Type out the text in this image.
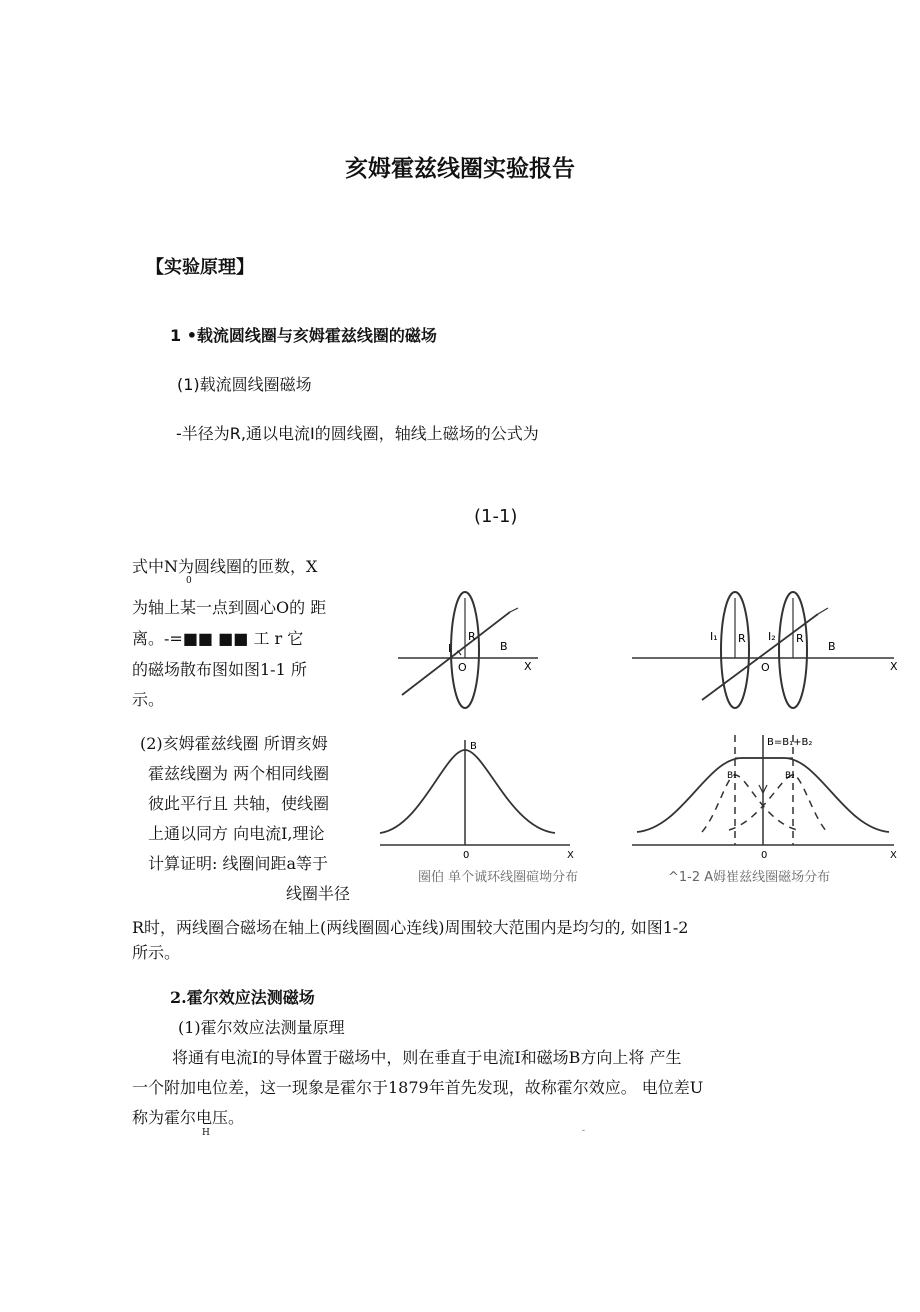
亥姆霍兹线圈实验报告
【实验原理】
1 •载流圆线圈与亥姆霍兹线圈的磁场
(1)载流圆线圈磁场
-半径为R,通以电流I的圆线圈，轴线上磁场的公式为
(1-1)
式中N为圆线圈的匝数，X
0
为轴上某一点到圆心O的 距
离。-=■■ ■■ 工 r 它
的磁场散布图如图1-1 所
示。
(2)亥姆霍兹线圈 所谓亥姆
霍兹线圈为 两个相同线圈
彼此平行且 共轴，使线圈
上通以同方 向电流I,理论
计算证明: 线圈间距a等于
线圈半径
R时，两线圈合磁场在轴上(两线圈圆心连线)周围较大范围内是均匀的, 如图1-2
所示。
I
R
O
B
X
B
0	X
圈伯 单个诚环线圈碹坳分布
I₁	I₂
R	R
O
B
X
B=B₁+B₂
B₁	B₂
0	X
^1-2 A姆崔兹线圈磁场分布
2.霍尔效应法测磁场
(1)霍尔效应法测量原理
将通有电流I的导体置于磁场中，则在垂直于电流I和磁场B方向上将 产生
一个附加电位差，这一现象是霍尔于1879年首先发现，故称霍尔效应。 电位差U
称为霍尔电压。
H	-
